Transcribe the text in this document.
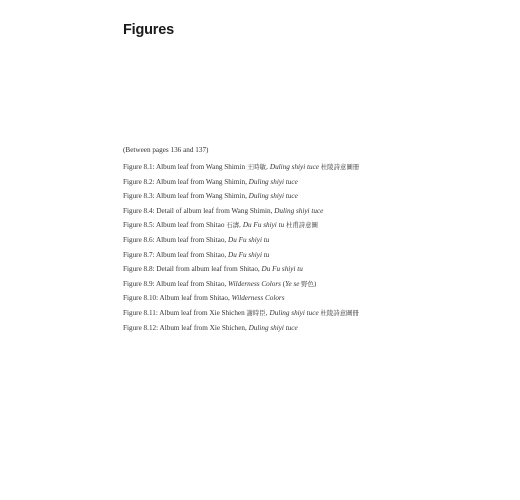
Figures
(Between pages 136 and 137)
Figure 8.1: Album leaf from Wang Shimin 王時敏, Duling shiyi tuce 杜陵詩意圖冊
Figure 8.2: Album leaf from Wang Shimin, Duling shiyi tuce
Figure 8.3: Album leaf from Wang Shimin, Duling shiyi tuce
Figure 8.4: Detail of album leaf from Wang Shimin, Duling shiyi tuce
Figure 8.5: Album leaf from Shitao 石濤, Du Fu shiyi tu 杜甫詩意圖
Figure 8.6: Album leaf from Shitao, Du Fu shiyi tu
Figure 8.7: Album leaf from Shitao, Du Fu shiyi tu
Figure 8.8: Detail from album leaf from Shitao, Du Fu shiyi tu
Figure 8.9: Album leaf from Shitao, Wilderness Colors (Ye se 野色)
Figure 8.10: Album leaf from Shitao, Wilderness Colors
Figure 8.11: Album leaf from Xie Shichen 謝時臣, Duling shiyi tuce 杜陵詩意圖冊
Figure 8.12: Album leaf from Xie Shichen, Duling shiyi tuce
